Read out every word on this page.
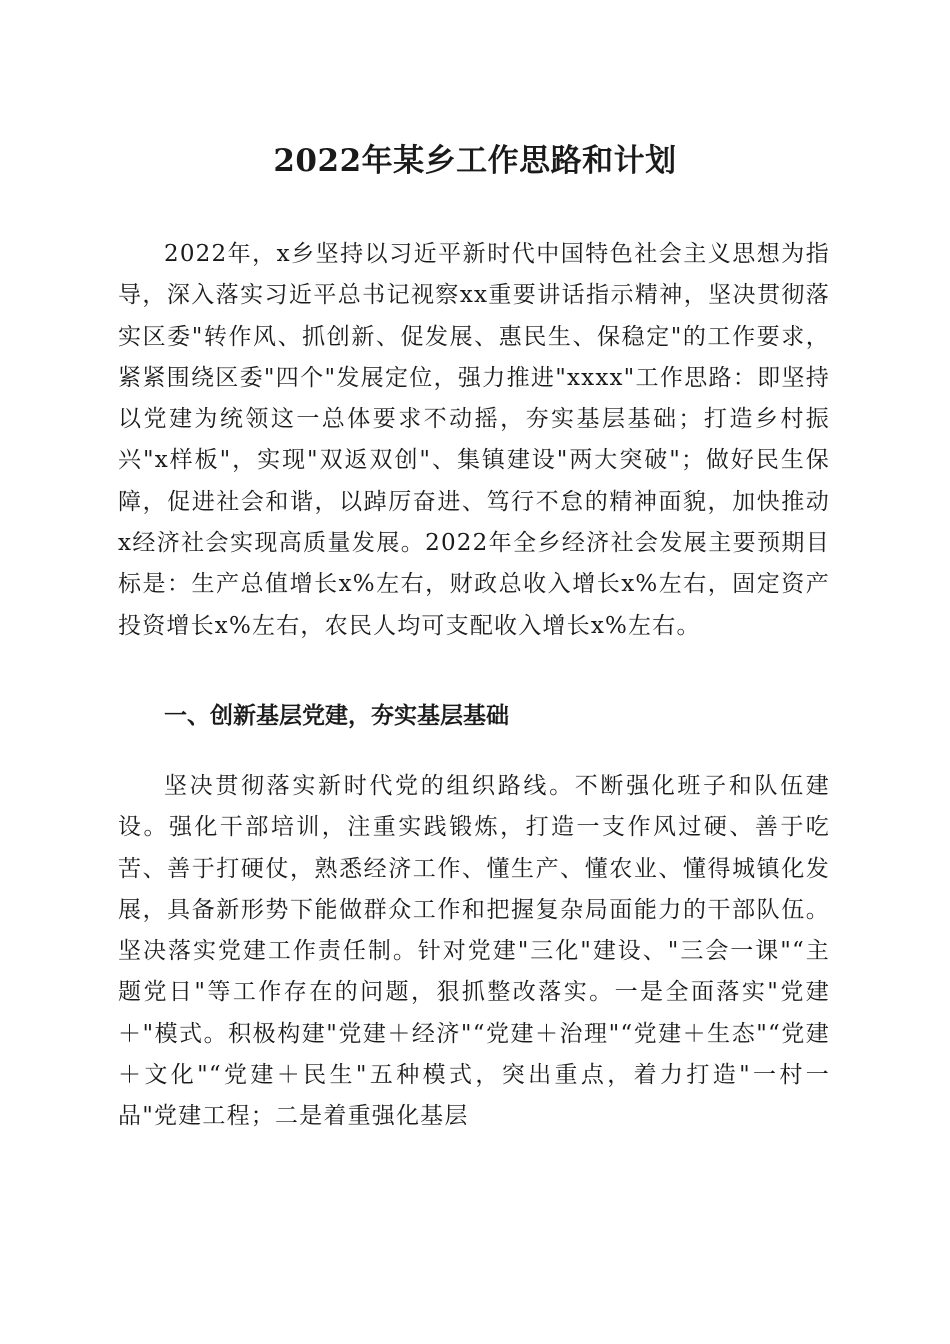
2022年某乡工作思路和计划

2022年，x乡坚持以习近平新时代中国特色社会主义思想为指导，深入落实习近平总书记视察xx重要讲话指示精神，坚决贯彻落实区委"转作风、抓创新、促发展、惠民生、保稳定"的工作要求，紧紧围绕区委"四个"发展定位，强力推进"xxxx"工作思路：即坚持以党建为统领这一总体要求不动摇，夯实基层基础；打造乡村振兴"x样板"，实现"双返双创"、集镇建设"两大突破"；做好民生保障，促进社会和谐，以踔厉奋进、笃行不怠的精神面貌，加快推动x经济社会实现高质量发展。2022年全乡经济社会发展主要预期目标是：生产总值增长x%左右，财政总收入增长x%左右，固定资产投资增长x%左右，农民人均可支配收入增长x%左右。

一、创新基层党建，夯实基层基础

坚决贯彻落实新时代党的组织路线。不断强化班子和队伍建设。强化干部培训，注重实践锻炼，打造一支作风过硬、善于吃苦、善于打硬仗，熟悉经济工作、懂生产、懂农业、懂得城镇化发展，具备新形势下能做群众工作和把握复杂局面能力的干部队伍。坚决落实党建工作责任制。针对党建"三化"建设、"三会一课"“主题党日"等工作存在的问题，狠抓整改落实。一是全面落实"党建＋"模式。积极构建"党建＋经济"“党建＋治理"“党建＋生态"“党建＋文化"“党建＋民生"五种模式，突出重点，着力打造"一村一品"党建工程；二是着重强化基层
